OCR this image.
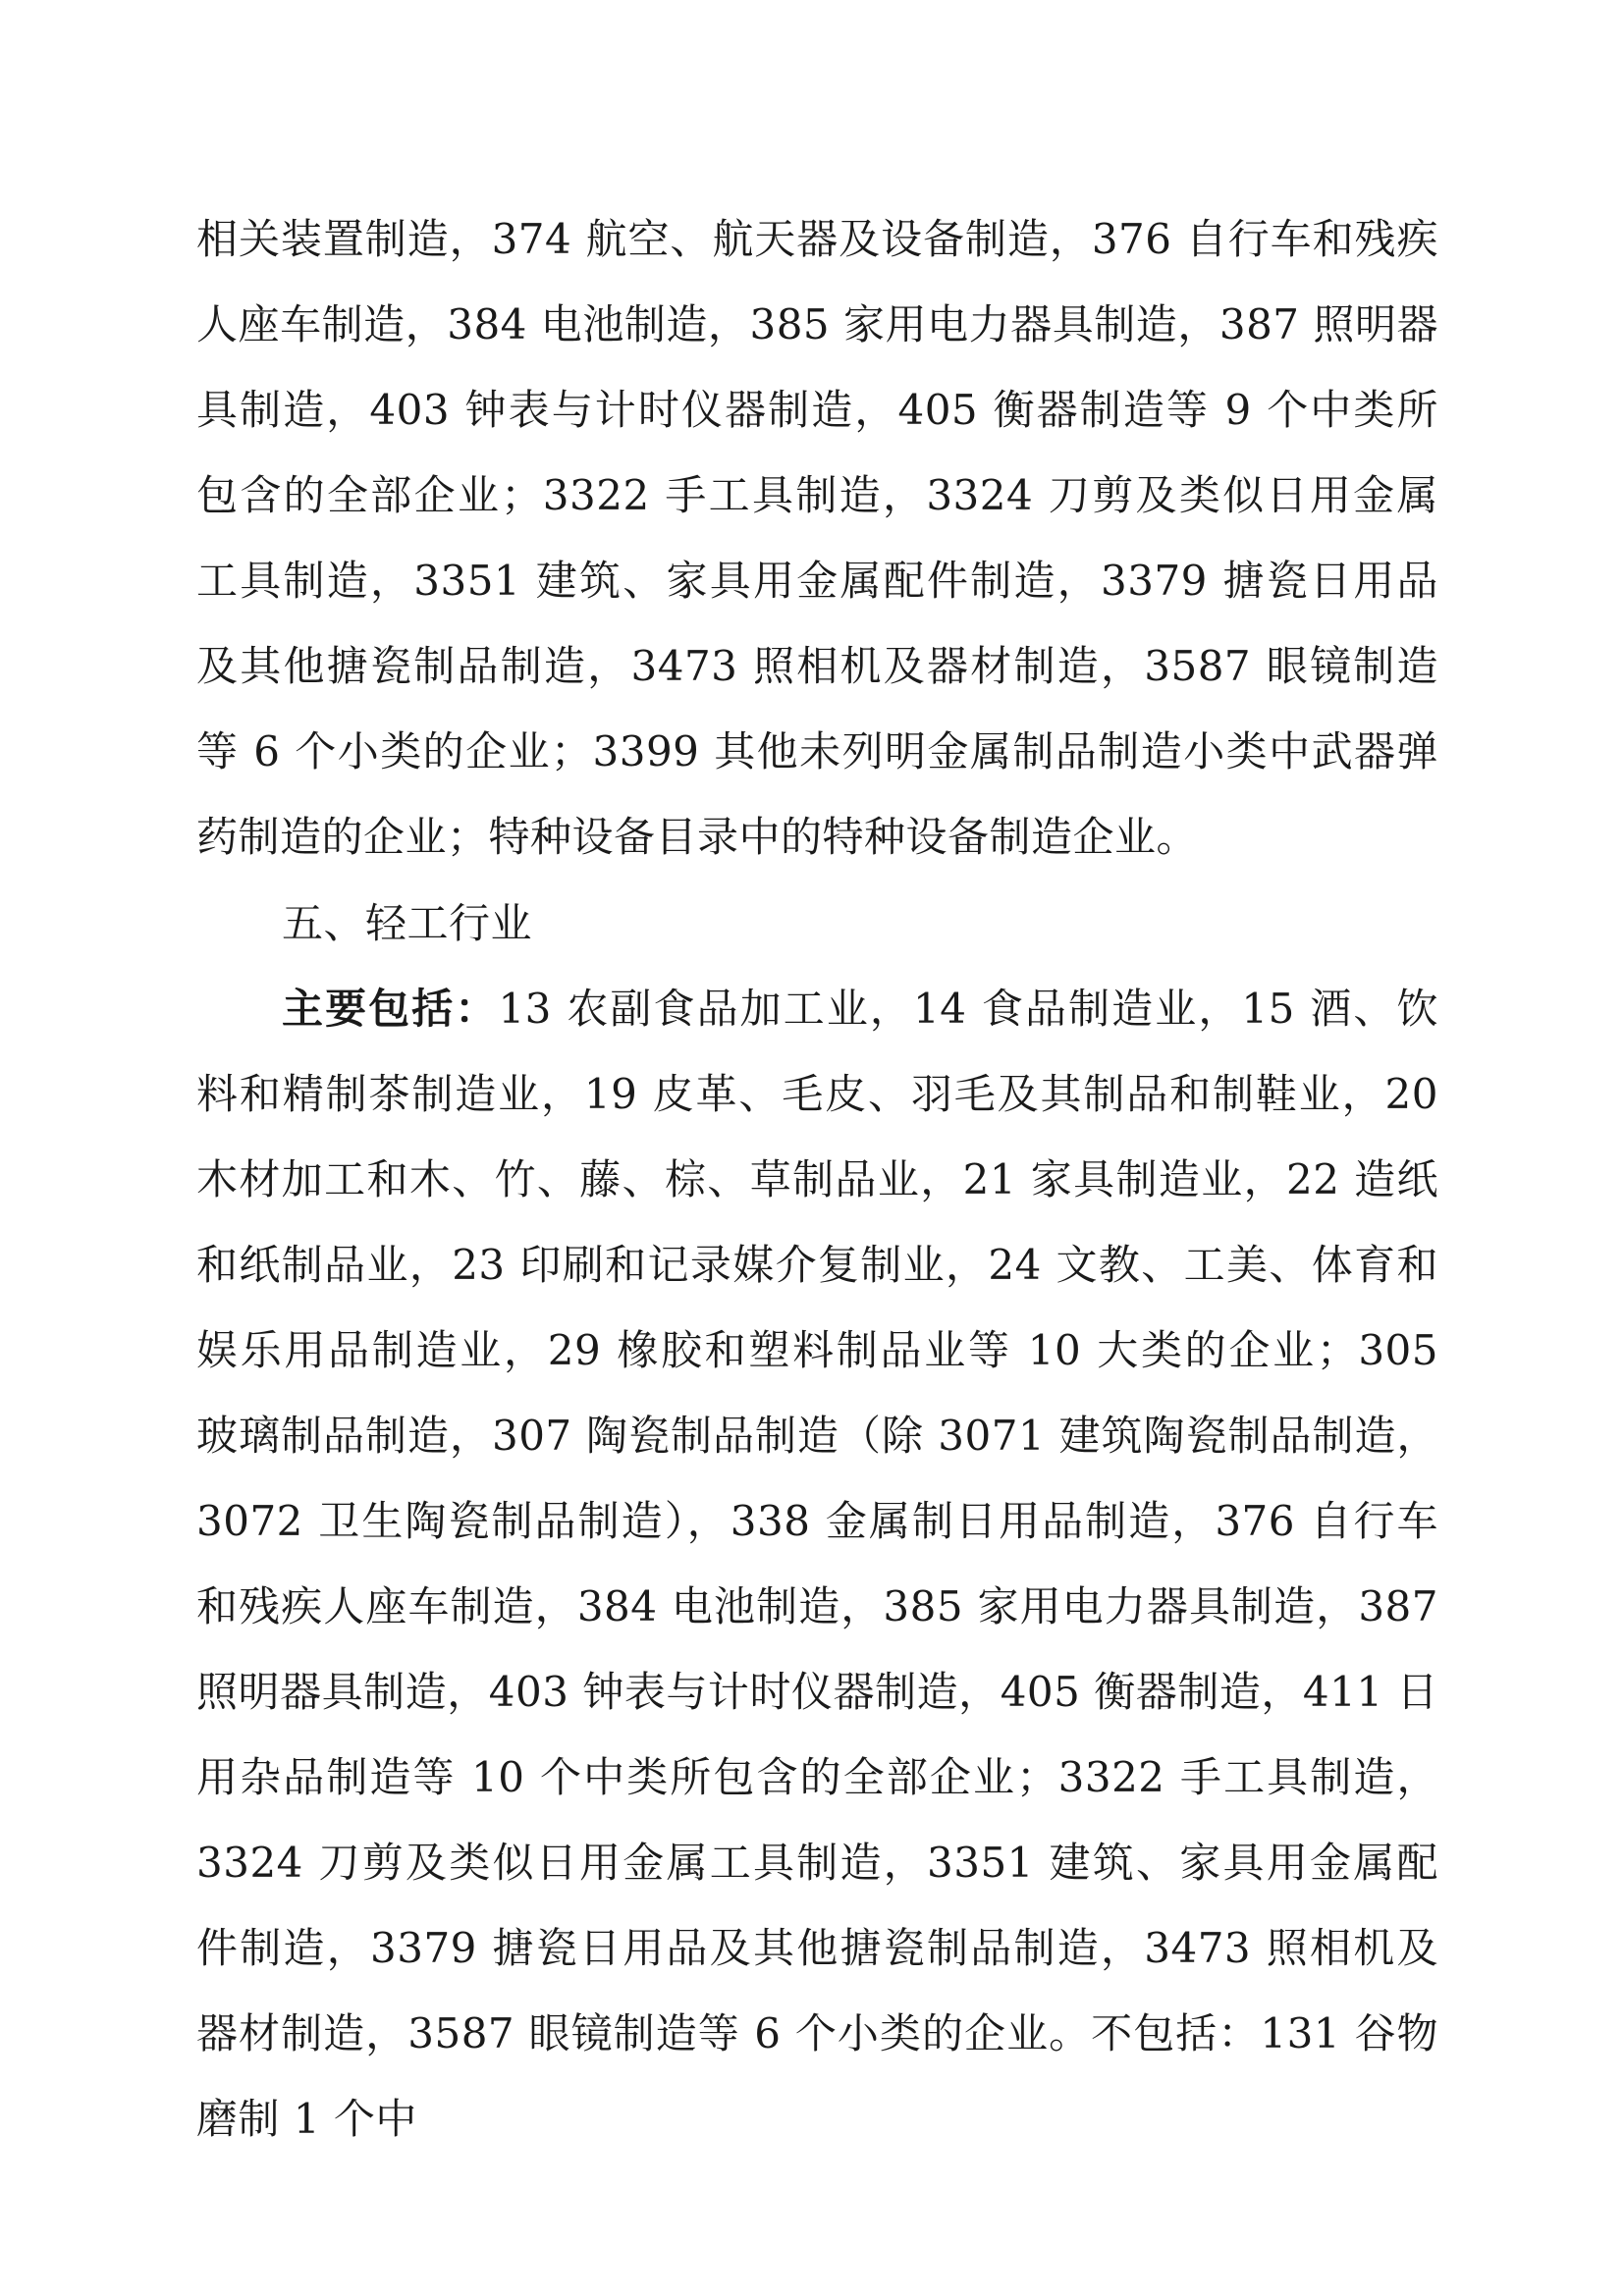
相关装置制造，374 航空、航天器及设备制造，376 自行车和残疾人座车制造，384 电池制造，385 家用电力器具制造，387 照明器具制造，403 钟表与计时仪器制造，405 衡器制造等 9 个中类所包含的全部企业；3322 手工具制造，3324 刀剪及类似日用金属工具制造，3351 建筑、家具用金属配件制造，3379 搪瓷日用品及其他搪瓷制品制造，3473 照相机及器材制造，3587 眼镜制造等 6 个小类的企业；3399 其他未列明金属制品制造小类中武器弹药制造的企业；特种设备目录中的特种设备制造企业。
五、轻工行业
主要包括：13 农副食品加工业，14 食品制造业，15 酒、饮料和精制茶制造业，19 皮革、毛皮、羽毛及其制品和制鞋业，20 木材加工和木、竹、藤、棕、草制品业，21 家具制造业，22 造纸和纸制品业，23 印刷和记录媒介复制业，24 文教、工美、体育和娱乐用品制造业，29 橡胶和塑料制品业等 10 大类的企业；305 玻璃制品制造，307 陶瓷制品制造（除 3071 建筑陶瓷制品制造，3072 卫生陶瓷制品制造），338 金属制日用品制造，376 自行车和残疾人座车制造，384 电池制造，385 家用电力器具制造，387 照明器具制造，403 钟表与计时仪器制造，405 衡器制造，411 日用杂品制造等 10 个中类所包含的全部企业；3322 手工具制造，3324 刀剪及类似日用金属工具制造，3351 建筑、家具用金属配件制造，3379 搪瓷日用品及其他搪瓷制品制造，3473 照相机及器材制造，3587 眼镜制造等 6 个小类的企业。不包括：131 谷物磨制 1 个中
